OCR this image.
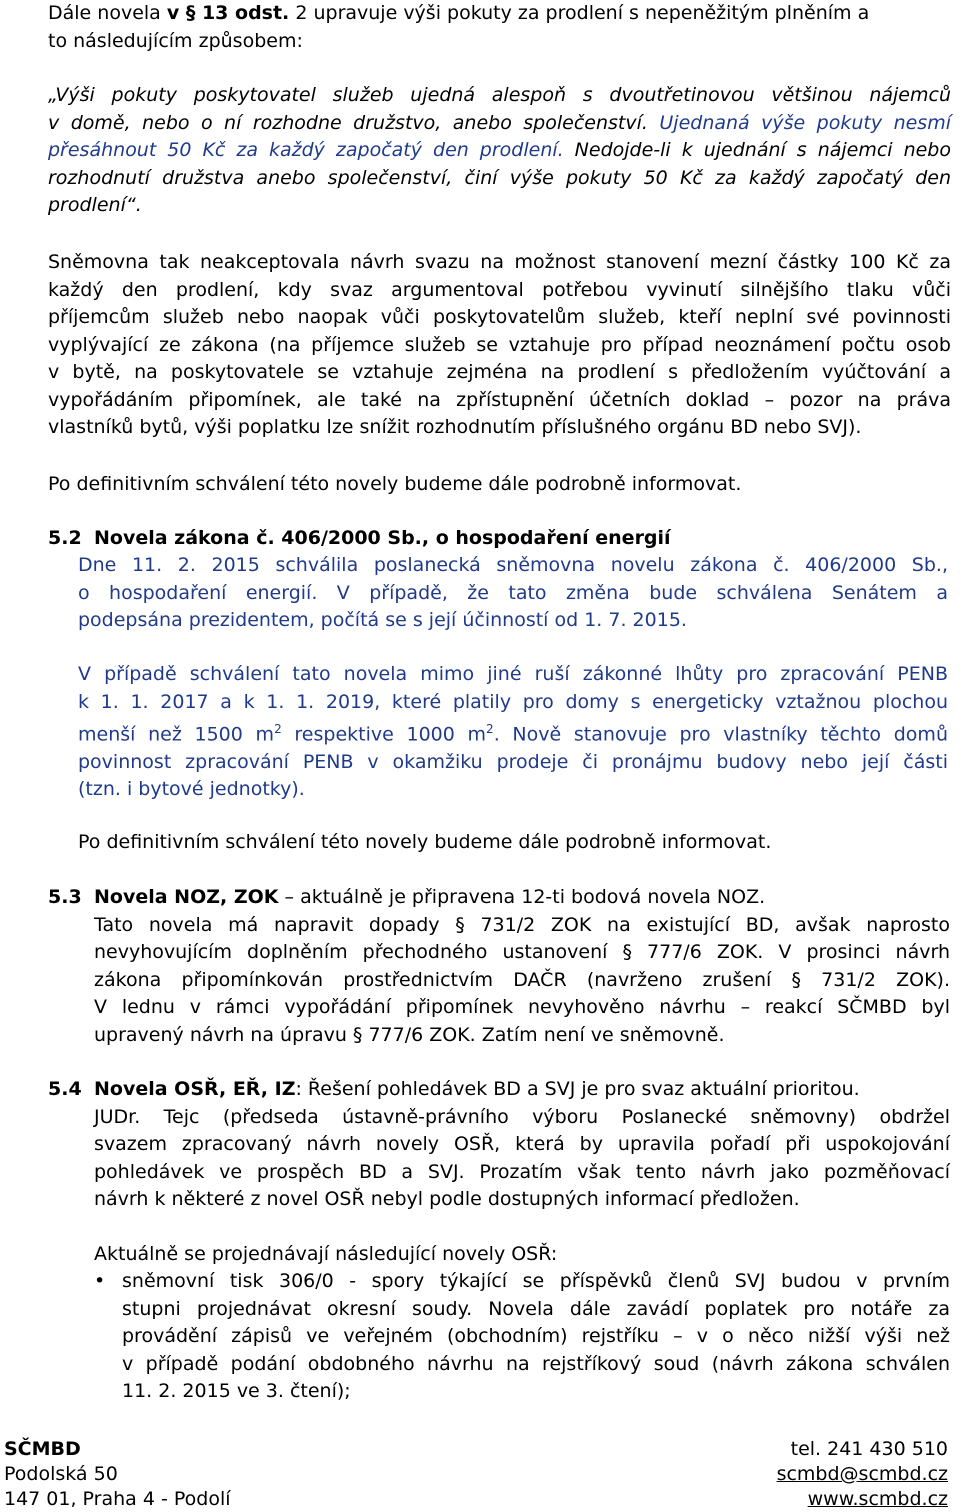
Dále novela v § 13 odst. 2 upravuje výši pokuty za prodlení s nepeněžitým plněním a
to následujícím způsobem:
„Výši pokuty poskytovatel služeb ujedná alespoň s dvoutřetinovou většinou nájemců
v domě, nebo o ní rozhodne družstvo, anebo společenství. Ujednaná výše pokuty nesmí
přesáhnout 50 Kč za každý započatý den prodlení. Nedojde-li k ujednání s nájemci nebo
rozhodnutí družstva anebo společenství, činí výše pokuty 50 Kč za každý započatý den
prodlení“.
Sněmovna tak neakceptovala návrh svazu na možnost stanovení mezní částky 100 Kč za
každý den prodlení, kdy svaz argumentoval potřebou vyvinutí silnějšího tlaku vůči
příjemcům služeb nebo naopak vůči poskytovatelům služeb, kteří neplní své povinnosti
vyplývající ze zákona (na příjemce služeb se vztahuje pro případ neoznámení počtu osob
v bytě, na poskytovatele se vztahuje zejména na prodlení s předložením vyúčtování a
vypořádáním připomínek, ale také na zpřístupnění účetních doklad – pozor na práva
vlastníků bytů, výši poplatku lze snížit rozhodnutím příslušného orgánu BD nebo SVJ).
Po definitivním schválení této novely budeme dále podrobně informovat.
5.2 Novela zákona č. 406/2000 Sb., o hospodaření energií
Dne 11. 2. 2015 schválila poslanecká sněmovna novelu zákona č. 406/2000 Sb.,
o hospodaření energií. V případě, že tato změna bude schválena Senátem a
podepsána prezidentem, počítá se s její účinností od 1. 7. 2015.
V případě schválení tato novela mimo jiné ruší zákonné lhůty pro zpracování PENB
k 1. 1. 2017 a k 1. 1. 2019, které platily pro domy s energeticky vztažnou plochou
menší než 1500 $m^2$ respektive 1000 $m^2$. Nově stanovuje pro vlastníky těchto domů
povinnost zpracování PENB v okamžiku prodeje či pronájmu budovy nebo její části
(tzn. i bytové jednotky).
Po definitivním schválení této novely budeme dále podrobně informovat.
5.3 Novela NOZ, ZOK – aktuálně je připravena 12-ti bodová novela NOZ.
Tato novela má napravit dopady § 731/2 ZOK na existující BD, avšak naprosto
nevyhovujícím doplněním přechodného ustanovení § 777/6 ZOK. V prosinci návrh
zákona připomínkován prostřednictvím DAČR (navrženo zrušení § 731/2 ZOK).
V lednu v rámci vypořádání připomínek nevyhověno návrhu – reakcí SČMBD byl
upravený návrh na úpravu § 777/6 ZOK. Zatím není ve sněmovně.
5.4 Novela OSŘ, EŘ, IZ: Řešení pohledávek BD a SVJ je pro svaz aktuální prioritou.
JUDr. Tejc (předseda ústavně-právního výboru Poslanecké sněmovny) obdržel
svazem zpracovaný návrh novely OSŘ, která by upravila pořadí při uspokojování
pohledávek ve prospěch BD a SVJ. Prozatím však tento návrh jako pozměňovací
návrh k některé z novel OSŘ nebyl podle dostupných informací předložen.
Aktuálně se projednávají následující novely OSŘ:
• sněmovní tisk 306/0 - spory týkající se příspěvků členů SVJ budou v prvním
stupni projednávat okresní soudy. Novela dále zavádí poplatek pro notáře za
provádění zápisů ve veřejném (obchodním) rejstříku – v o něco nižší výši než
v případě podání obdobného návrhu na rejstříkový soud (návrh zákona schválen
11. 2. 2015 ve 3. čtení);
SČMBD
Podolská 50
147 01, Praha 4 - Podolí
tel. 241 430 510
scmbd@scmbd.cz
www.scmbd.cz
